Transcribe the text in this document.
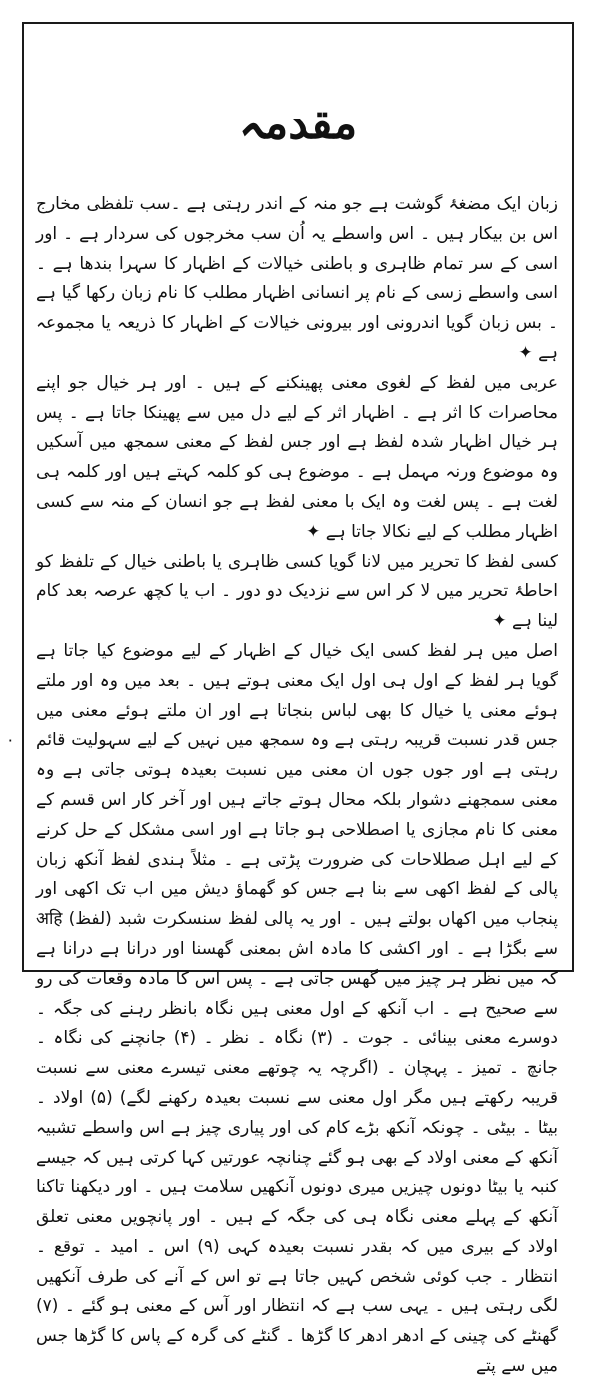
مقدمہ

زبان ایک مضغۂ گوشت ہے جو منہ کے اندر رہتی ہے ۔سب تلفظی مخارج اس بن بیکار ہیں ۔ اس واسطے یہ اُن سب مخرجوں کی سردار ہے ۔ اور اسی کے سر تمام ظاہری و باطنی خیالات کے اظہار کا سہرا بندھا ہے ۔ اسی واسطے زسی کے نام پر انسانی اظہار مطلب کا نام زبان رکھا گیا ہے ۔ بس زبان گویا اندرونی اور بیرونی خیالات کے اظہار کا ذریعہ یا مجموعہ ہے ✦

عربی میں لفظ کے لغوی معنی پھینکنے کے ہیں ۔ اور ہر خیال جو اپنے محاصرات کا اثر ہے ۔ اظہار اثر کے لیے دل میں سے پھینکا جاتا ہے ۔ پس ہر خیال اظہار شدہ لفظ ہے اور جس لفظ کے معنی سمجھ میں آسکیں وہ موضوع ورنہ مہمل ہے ۔ موضوع ہی کو کلمہ کہتے ہیں اور کلمہ ہی لغت ہے ۔ پس لغت وہ ایک با معنی لفظ ہے جو انسان کے منہ سے کسی اظہار مطلب کے لیے نکالا جاتا ہے ✦

کسی لفظ کا تحریر میں لانا گویا کسی ظاہری یا باطنی خیال کے تلفظ کو احاطۂ تحریر میں لا کر اس سے نزدیک دو دور ۔ اب یا کچھ عرصہ بعد کام لینا ہے ✦

اصل میں ہر لفظ کسی ایک خیال کے اظہار کے لیے موضوع کیا جاتا ہے گویا ہر لفظ کے اول ہی اول ایک معنی ہوتے ہیں ۔ بعد میں وہ اور ملتے ہوئے معنی یا خیال کا بھی لباس بنجاتا ہے اور ان ملتے ہوئے معنی میں جس قدر نسبت قریبہ رہتی ہے وہ سمجھ میں نہیں کے لیے سہولیت قائم رہتی ہے اور جوں جوں ان معنی میں نسبت بعیدہ ہوتی جاتی ہے وہ معنی سمجھنے دشوار بلکہ محال ہوتے جاتے ہیں اور آخر کار اس قسم کے معنی کا نام مجازی یا اصطلاحی ہو جاتا ہے اور اسی مشکل کے حل کرنے کے لیے اہل صطلاحات کی ضرورت پڑتی ہے ۔ مثلاً ہندی لفظ آنکھ زبان پالی کے لفظ اکھی سے بنا ہے جس کو گھماؤ دیش میں اب تک اکھی اور پنجاب میں اکھاں بولتے ہیں ۔ اور یہ پالی لفظ سنسکرت شبد (لفظ) अहि سے بگڑا ہے ۔ اور اکشی کا مادہ اش بمعنی گھسنا اور درانا ہے درانا ہے کہ میں نظر ہر چیز میں گھس جاتی ہے ۔ پس اس کا مادہ وقعات کی رو سے صحیح ہے ۔ اب آنکھ کے اول معنی ہیں نگاہ بانظر رہنے کی جگہ ۔ دوسرے معنی بینائی ۔ جوت ۔ (۳) نگاہ ۔ نظر ۔ (۴) جانچنے کی نگاہ ۔ جانچ ۔ تمیز ۔ پہچان ۔ (اگرچہ یہ چوتھے معنی تیسرے معنی سے نسبت قریبہ رکھتے ہیں مگر اول معنی سے نسبت بعیدہ رکھنے لگے) (۵) اولاد ۔ بیٹا ۔ بیٹی ۔ چونکہ آنکھ بڑے کام کی اور پیاری چیز ہے اس واسطے تشبیہ آنکھ کے معنی اولاد کے بھی ہو گئے چنانچہ عورتیں کہا کرتی ہیں کہ جیسے کنبہ یا بیٹا دونوں چیزیں میری دونوں آنکھیں سلامت ہیں ۔ اور دیکھنا تاکنا آنکھ کے پہلے معنی نگاہ ہی کی جگہ کے ہیں ۔ اور پانچویں معنی تعلق اولاد کے بیری میں کہ بقدر نسبت بعیدہ کہی (۹) اس ۔ امید ۔ توقع ۔ انتظار ۔ جب کوئی شخص کہیں جاتا ہے تو اس کے آنے کی طرف آنکھیں لگی رہتی ہیں ۔ یہی سب ہے کہ انتظار اور آس کے معنی ہو گئے ۔ (۷) گھنٹے کی چینی کے ادھر ادھر کا گڑھا ۔ گنٹے کی گرہ کے پاس کا گڑھا جس میں سے پتے

٠
